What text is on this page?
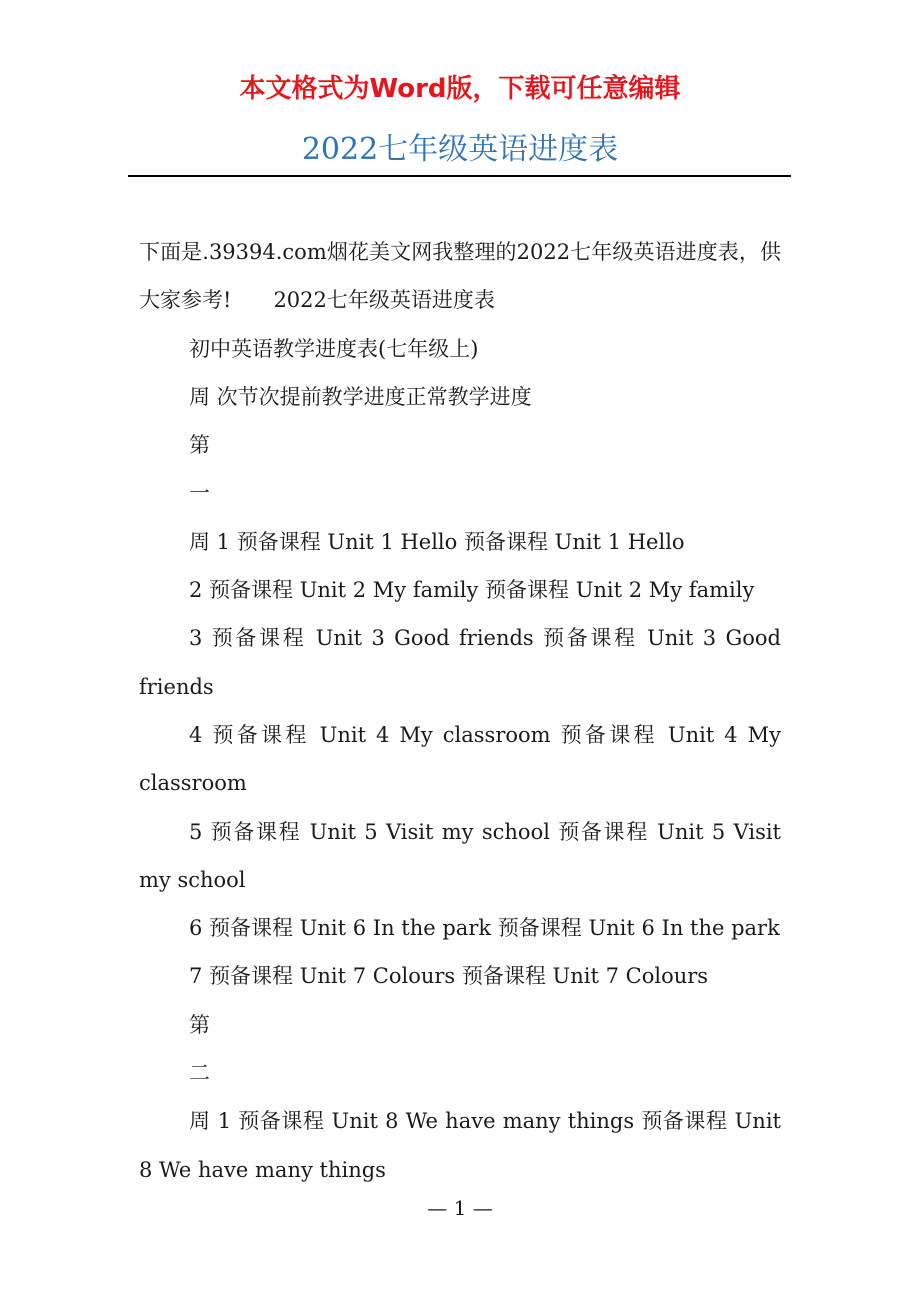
本文格式为Word版，下载可任意编辑
2022七年级英语进度表

下面是.39394.com烟花美文网我整理的2022七年级英语进度表，供大家参考!　　2022七年级英语进度表

初中英语教学进度表(七年级上)

周 次节次提前教学进度正常教学进度

第

一

周 1 预备课程 Unit 1 Hello 预备课程 Unit 1 Hello

2 预备课程 Unit 2 My family 预备课程 Unit 2 My family

3 预备课程 Unit 3 Good friends 预备课程 Unit 3 Good friends

4 预备课程 Unit 4 My classroom 预备课程 Unit 4 My classroom

5 预备课程 Unit 5 Visit my school 预备课程 Unit 5 Visit my school

6 预备课程 Unit 6 In the park 预备课程 Unit 6 In the park

7 预备课程 Unit 7 Colours 预备课程 Unit 7 Colours

第

二

周 1 预备课程 Unit 8 We have many things 预备课程 Unit 8 We have many things

— 1 —
